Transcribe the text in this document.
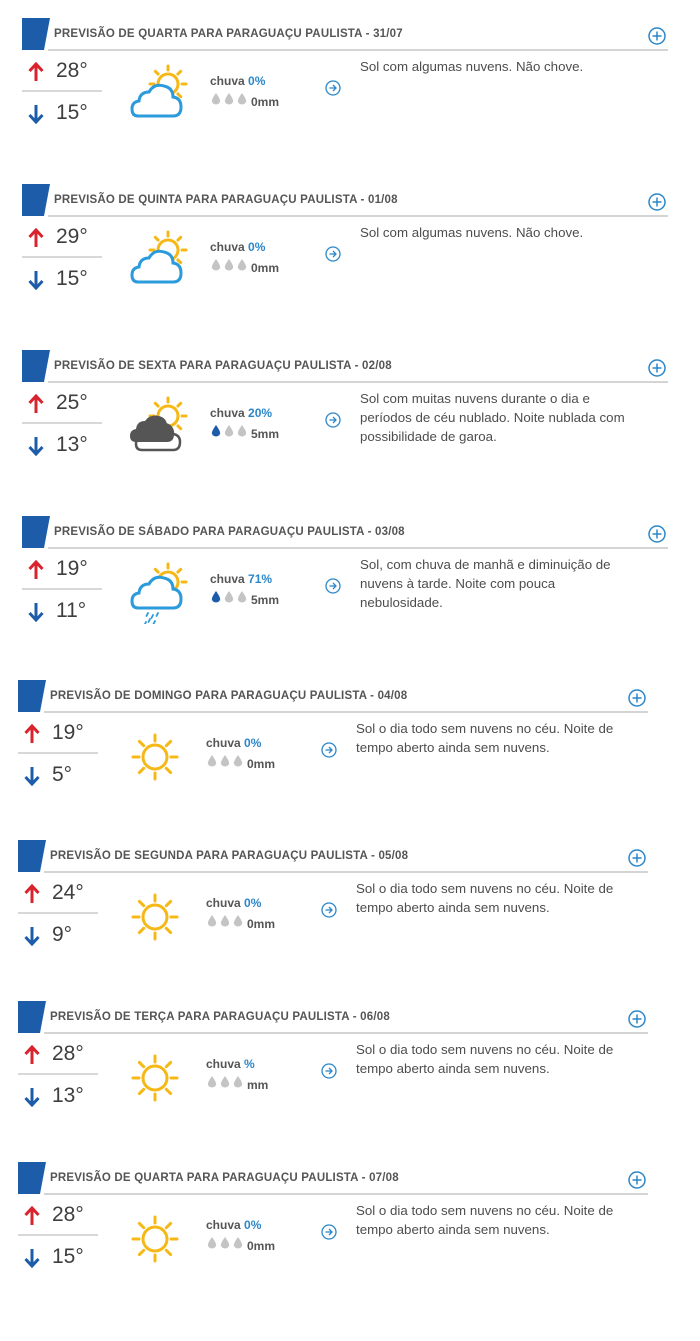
PREVISÃO DE QUARTA PARA PARAGUAÇU PAULISTA - 31/07
28°
15°
chuva 0%
0mm
Sol com algumas nuvens. Não chove.
PREVISÃO DE QUINTA PARA PARAGUAÇU PAULISTA - 01/08
29°
15°
chuva 0%
0mm
Sol com algumas nuvens. Não chove.
PREVISÃO DE SEXTA PARA PARAGUAÇU PAULISTA - 02/08
25°
13°
chuva 20%
5mm
Sol com muitas nuvens durante o dia e períodos de céu nublado. Noite nublada com possibilidade de garoa.
PREVISÃO DE SÁBADO PARA PARAGUAÇU PAULISTA - 03/08
19°
11°
chuva 71%
5mm
Sol, com chuva de manhã e diminuição de nuvens à tarde. Noite com pouca nebulosidade.
PREVISÃO DE DOMINGO PARA PARAGUAÇU PAULISTA - 04/08
19°
5°
chuva 0%
0mm
Sol o dia todo sem nuvens no céu. Noite de tempo aberto ainda sem nuvens.
PREVISÃO DE SEGUNDA PARA PARAGUAÇU PAULISTA - 05/08
24°
9°
chuva 0%
0mm
Sol o dia todo sem nuvens no céu. Noite de tempo aberto ainda sem nuvens.
PREVISÃO DE TERÇA PARA PARAGUAÇU PAULISTA - 06/08
28°
13°
chuva %
mm
Sol o dia todo sem nuvens no céu. Noite de tempo aberto ainda sem nuvens.
PREVISÃO DE QUARTA PARA PARAGUAÇU PAULISTA - 07/08
28°
15°
chuva 0%
0mm
Sol o dia todo sem nuvens no céu. Noite de tempo aberto ainda sem nuvens.
